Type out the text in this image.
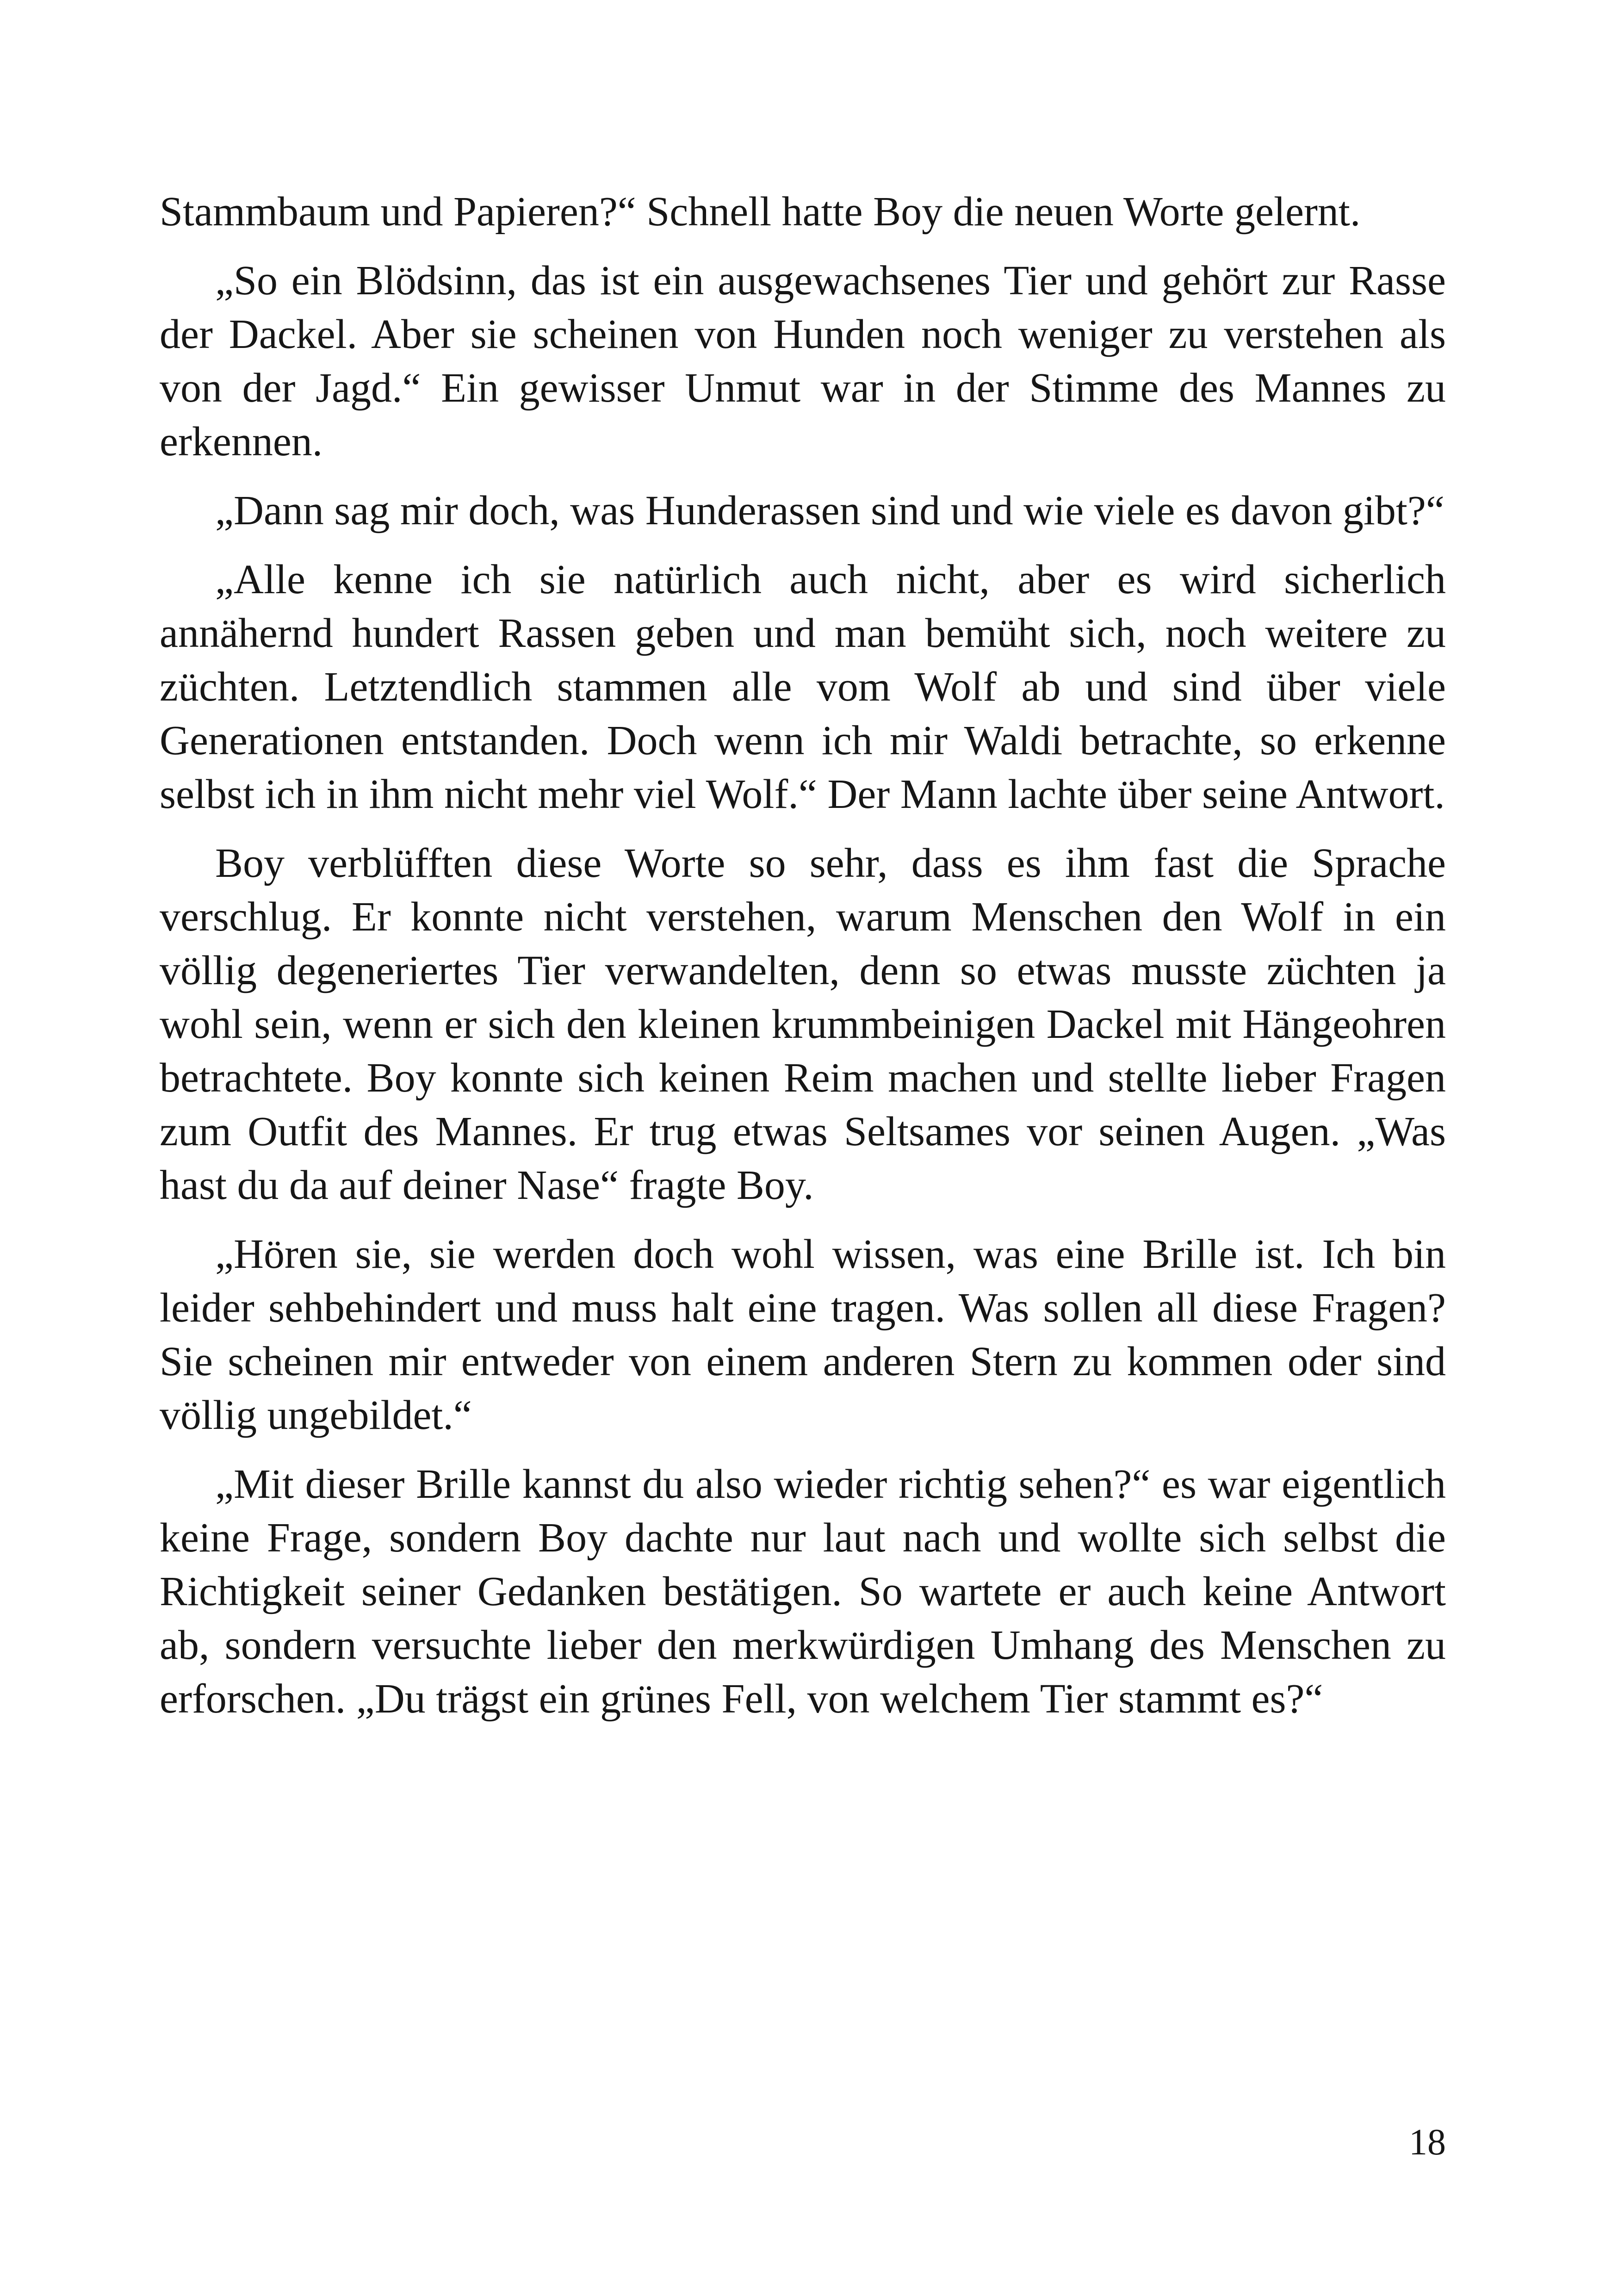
Stammbaum und Papieren?“ Schnell hatte Boy die neuen Worte gelernt.

„So ein Blödsinn, das ist ein ausgewachsenes Tier und gehört zur Rasse der Dackel. Aber sie scheinen von Hunden noch weniger zu verstehen als von der Jagd.“ Ein gewisser Unmut war in der Stimme des Mannes zu erkennen.

„Dann sag mir doch, was Hunderassen sind und wie viele es davon gibt?“

„Alle kenne ich sie natürlich auch nicht, aber es wird sicherlich annähernd hundert Rassen geben und man bemüht sich, noch weitere zu züchten. Letztendlich stammen alle vom Wolf ab und sind über viele Generationen entstanden. Doch wenn ich mir Waldi betrachte, so erkenne selbst ich in ihm nicht mehr viel Wolf.“ Der Mann lachte über seine Antwort.

Boy verblüfften diese Worte so sehr, dass es ihm fast die Sprache verschlug. Er konnte nicht verstehen, warum Menschen den Wolf in ein völlig degeneriertes Tier verwandelten, denn so etwas musste züchten ja wohl sein, wenn er sich den kleinen krummbeinigen Dackel mit Hängeohren betrachtete. Boy konnte sich keinen Reim machen und stellte lieber Fragen zum Outfit des Mannes. Er trug etwas Seltsames vor seinen Augen. „Was hast du da auf deiner Nase“ fragte Boy.

„Hören sie, sie werden doch wohl wissen, was eine Brille ist. Ich bin leider sehbehindert und muss halt eine tragen. Was sollen all diese Fragen? Sie scheinen mir entweder von einem anderen Stern zu kommen oder sind völlig ungebildet.“

„Mit dieser Brille kannst du also wieder richtig sehen?“ es war eigentlich keine Frage, sondern Boy dachte nur laut nach und wollte sich selbst die Richtigkeit seiner Gedanken bestätigen. So wartete er auch keine Antwort ab, sondern versuchte lieber den merkwürdigen Umhang des Menschen zu erforschen. „Du trägst ein grünes Fell, von welchem Tier stammt es?“

18
